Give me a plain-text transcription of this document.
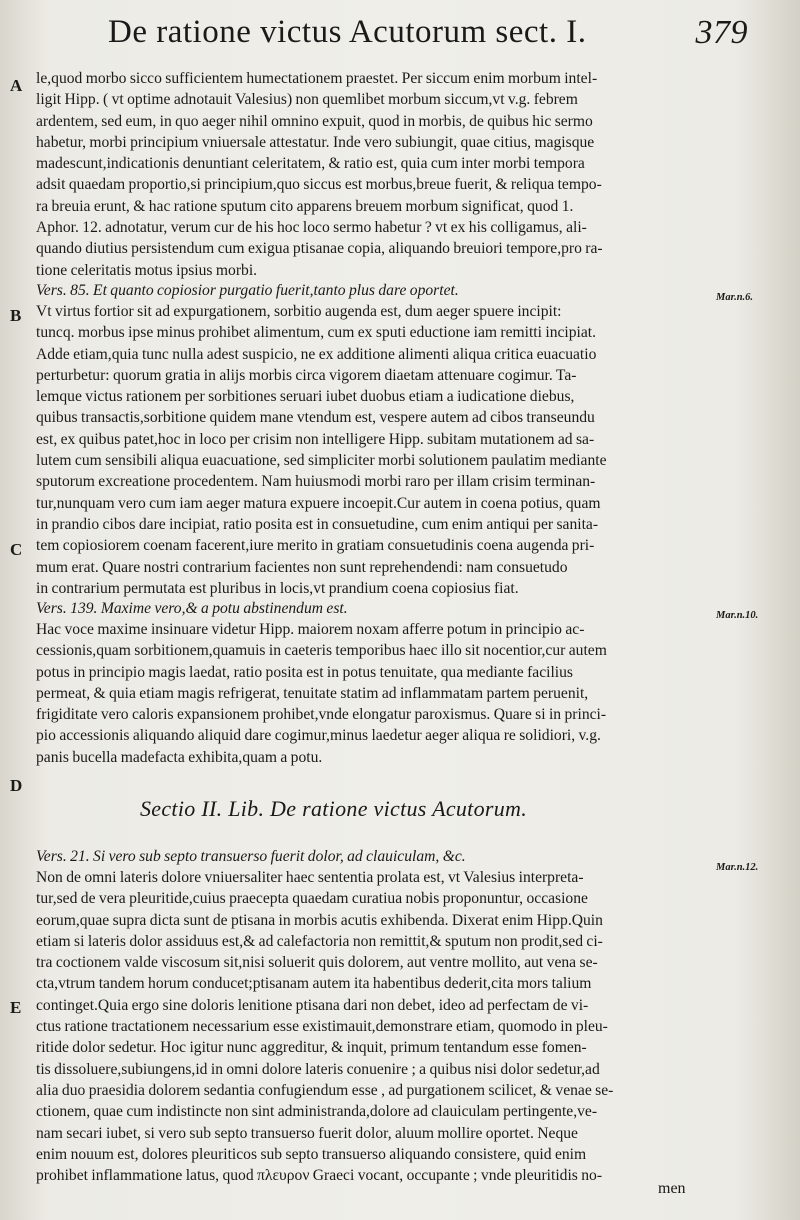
De ratione victus Acutorum sect. I.	379
A
B
C
D
E
Mar.n.6.
Mar.n.10.
Mar.n.12.
le,quod morbo sicco sufficientem humectationem praestet. Per siccum enim morbum intel-
ligit Hipp. ( vt optime adnotauit Valesius) non quemlibet morbum siccum,vt v.g. febrem
ardentem, sed eum, in quo aeger nihil omnino expuit, quod in morbis, de quibus hic sermo
habetur, morbi principium vniuersale attestatur. Inde vero subiungit, quae citius, magisque
madescunt,indicationis denuntiant celeritatem, & ratio est, quia cum inter morbi tempora
adsit quaedam proportio,si principium,quo siccus est morbus,breue fuerit, & reliqua tempo-
ra breuia erunt, & hac ratione sputum cito apparens breuem morbum significat, quod 1.
Aphor. 12. adnotatur, verum cur de his hoc loco sermo habetur ? vt ex his colligamus, ali-
quando diutius persistendum cum exigua ptisanae copia, aliquando breuiori tempore,pro ra-
tione celeritatis motus ipsius morbi.
Vers. 85. Et quanto copiosior purgatio fuerit,tanto plus dare oportet.
Vt virtus fortior sit ad expurgationem, sorbitio augenda est, dum aeger spuere incipit:
tuncq. morbus ipse minus prohibet alimentum, cum ex sputi eductione iam remitti incipiat.
Adde etiam,quia tunc nulla adest suspicio, ne ex additione alimenti aliqua critica euacuatio
perturbetur: quorum gratia in alijs morbis circa vigorem diaetam attenuare cogimur. Ta-
lemque victus rationem per sorbitiones seruari iubet duobus etiam a iudicatione diebus,
quibus transactis,sorbitione quidem mane vtendum est, vespere autem ad cibos transeundu
est, ex quibus patet,hoc in loco per crisim non intelligere Hipp. subitam mutationem ad sa-
lutem cum sensibili aliqua euacuatione, sed simpliciter morbi solutionem paulatim mediante
sputorum excreatione procedentem. Nam huiusmodi morbi raro per illam crisim terminan-
tur,nunquam vero cum iam aeger matura expuere incoepit.Cur autem in coena potius, quam
in prandio cibos dare incipiat, ratio posita est in consuetudine, cum enim antiqui per sanita-
tem copiosiorem coenam facerent,iure merito in gratiam consuetudinis coena augenda pri-
mum erat. Quare nostri contrarium facientes non sunt reprehendendi: nam consuetudo
in contrarium permutata est pluribus in locis,vt prandium coena copiosius fiat.
Vers. 139. Maxime vero,& a potu abstinendum est.
Hac voce maxime insinuare videtur Hipp. maiorem noxam afferre potum in principio ac-
cessionis,quam sorbitionem,quamuis in caeteris temporibus haec illo sit nocentior,cur autem
potus in principio magis laedat, ratio posita est in potus tenuitate, qua mediante facilius
permeat, & quia etiam magis refrigerat, tenuitate statim ad inflammatam partem peruenit,
frigiditate vero caloris expansionem prohibet,vnde elongatur paroxismus. Quare si in princi-
pio accessionis aliquando aliquid dare cogimur,minus laedetur aeger aliqua re solidiori, v.g.
panis bucella madefacta exhibita,quam a potu.
Sectio II. Lib. De ratione victus Acutorum.
Vers. 21. Si vero sub septo transuerso fuerit dolor, ad clauiculam, &c.
Non de omni lateris dolore vniuersaliter haec sententia prolata est, vt Valesius interpreta-
tur,sed de vera pleuritide,cuius praecepta quaedam curatiua nobis proponuntur, occasione
eorum,quae supra dicta sunt de ptisana in morbis acutis exhibenda. Dixerat enim Hipp.Quin
etiam si lateris dolor assiduus est,& ad calefactoria non remittit,& sputum non prodit,sed ci-
tra coctionem valde viscosum sit,nisi soluerit quis dolorem, aut ventre mollito, aut vena se-
cta,vtrum tandem horum conducet;ptisanam autem ita habentibus dederit,cita mors talium
continget.Quia ergo sine doloris lenitione ptisana dari non debet, ideo ad perfectam de vi-
ctus ratione tractationem necessarium esse existimauit,demonstrare etiam, quomodo in pleu-
ritide dolor sedetur. Hoc igitur nunc aggreditur, & inquit, primum tentandum esse fomen-
tis dissoluere,subiungens,id in omni dolore lateris conuenire ; a quibus nisi dolor sedetur,ad
alia duo praesidia dolorem sedantia confugiendum esse , ad purgationem scilicet, & venae se-
ctionem, quae cum indistincte non sint administranda,dolore ad clauiculam pertingente,ve-
nam secari iubet, si vero sub septo transuerso fuerit dolor, aluum mollire oportet. Neque
enim nouum est, dolores pleuriticos sub septo transuerso aliquando consistere, quid enim
prohibet inflammatione latus, quod πλευρον Graeci vocant, occupante ; vnde pleuritidis no-
men
